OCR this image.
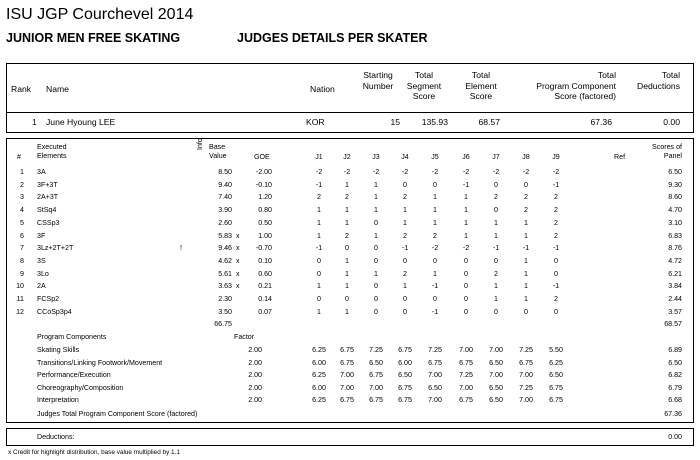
ISU JGP Courchevel 2014
JUNIOR MEN FREE SKATING	JUDGES DETAILS PER SKATER
Rank Name	Nation
Starting
Number
Total
Segment
Score
Total
Element
Score
Total
Program Component
Score (factored)
Total
Deductions
1 June Hyoung LEE	KOR	15	135.93	68.57	67.36	0.00
#
Executed
Elements
Info Base
Value	GOE	J1	J2	J3	J4	J5	J6	J7	J8	J9	Ref
Scores of
Panel
1 3A	8.50	-2.00	-2	-2	-2	-2	-2	-2	-2	-2	-2	6.50
2 3F+3T	9.40	-0.10	-1	1	1	0	0	-1	0	0	-1	9.30
3 2A+3T	7.40	1.20	2	2	1	2	1	1	2	2	2	8.60
4 StSq4	3.90	0.80	1	1	1	1	1	1	0	2	2	4.70
5 CSSp3	2.60	0.50	1	1	0	1	1	1	1	1	2	3.10
6 3F	5.83 x	1.00	1	2	1	2	2	1	1	1	2	6.83
7 3Lz+2T+2T	!	9.46 x	-0.70	-1	0	0	-1	-2	-2	-1	-1	-1	8.76
8 3S	4.62 x	0.10	0	1	0	0	0	0	0	1	0	4.72
9 3Lo	5.61 x	0.60	0	1	1	2	1	0	2	1	0	6.21
10 2A	3.63 x	0.21	1	1	0	1	-1	0	1	1	-1	3.84
11 FCSp2	2.30	0.14	0	0	0	0	0	0	1	1	2	2.44
12 CCoSp3p4	3.50	0.07	1	1	0	0	-1	0	0	0	0	3.57
66.75	68.57
Program Components	Factor
Skating Skills	2.00	6.25	6.75	7.25	6.75	7.25	7.00	7.00	7.25	5.50	6.89
Transitions/Linking Footwork/Movement	2.00	6.00	6.75	6.50	6.00	6.75	6.75	6.50	6.75	6.25	6.50
Performance/Execution	2.00	6.25	7.00	6.75	6.50	7.00	7.25	7.00	7.00	6.50	6.82
Choreography/Composition	2.00	6.00	7.00	7.00	6.75	6.50	7.00	6.50	7.25	6.75	6.79
Interpretation	2.00	6.25	6.75	6.75	6.75	7.00	6.75	6.50	7.00	6.75	6.68
Judges Total Program Component Score (factored)	67.36
Deductions:	0.00
x Credit for highlight distribution, base value multiplied by 1.1
